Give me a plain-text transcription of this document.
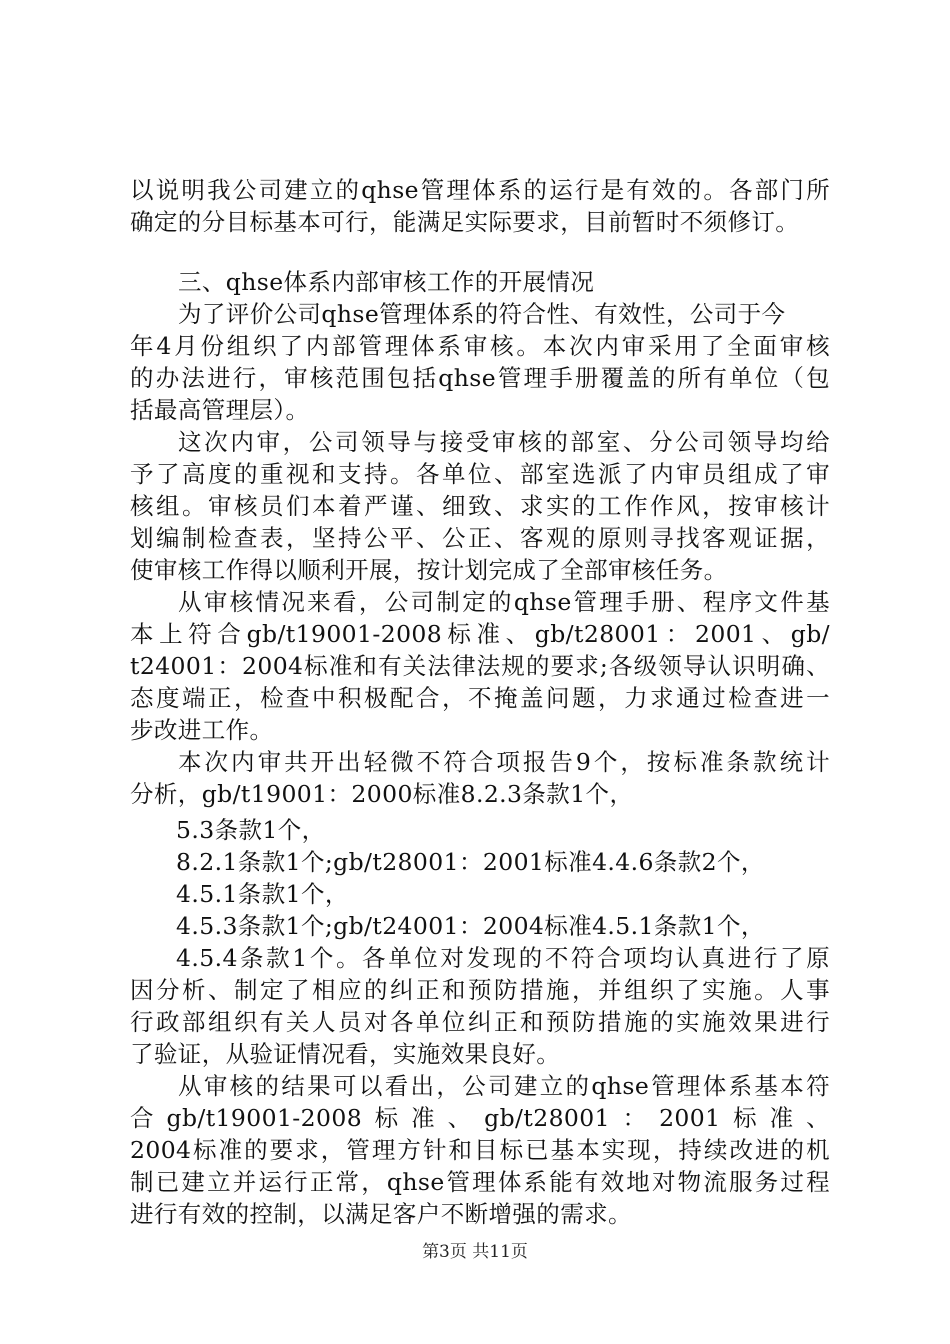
以说明我公司建立的qhse管理体系的运行是有效的。各部门所
确定的分目标基本可行，能满足实际要求，目前暂时不须修订。
三、qhse体系内部审核工作的开展情况
为了评价公司qhse管理体系的符合性、有效性，公司于今
年4月份组织了内部管理体系审核。本次内审采用了全面审核
的办法进行，审核范围包括qhse管理手册覆盖的所有单位（包
括最高管理层）。
这次内审，公司领导与接受审核的部室、分公司领导均给
予了高度的重视和支持。各单位、部室选派了内审员组成了审
核组。审核员们本着严谨、细致、求实的工作作风，按审核计
划编制检查表，坚持公平、公正、客观的原则寻找客观证据，
使审核工作得以顺利开展，按计划完成了全部审核任务。
从审核情况来看，公司制定的qhse管理手册、程序文件基
本上符合gb/t19001-2008标准、gb/t28001：2001、gb/
t24001：2004标准和有关法律法规的要求;各级领导认识明确、
态度端正，检查中积极配合，不掩盖问题，力求通过检查进一
步改进工作。
本次内审共开出轻微不符合项报告9个，按标准条款统计
分析，gb/t19001：2000标准8.2.3条款1个，
5.3条款1个，
8.2.1条款1个;gb/t28001：2001标准4.4.6条款2个，
4.5.1条款1个，
4.5.3条款1个;gb/t24001：2004标准4.5.1条款1个，
4.5.4条款1个。各单位对发现的不符合项均认真进行了原
因分析、制定了相应的纠正和预防措施，并组织了实施。人事
行政部组织有关人员对各单位纠正和预防措施的实施效果进行
了验证，从验证情况看，实施效果良好。
从审核的结果可以看出，公司建立的qhse管理体系基本符
合gb/t19001-2008标准、gb/t28001：2001标准、
2004标准的要求，管理方针和目标已基本实现，持续改进的机
制已建立并运行正常，qhse管理体系能有效地对物流服务过程
进行有效的控制，以满足客户不断增强的需求。
第3页 共11页
